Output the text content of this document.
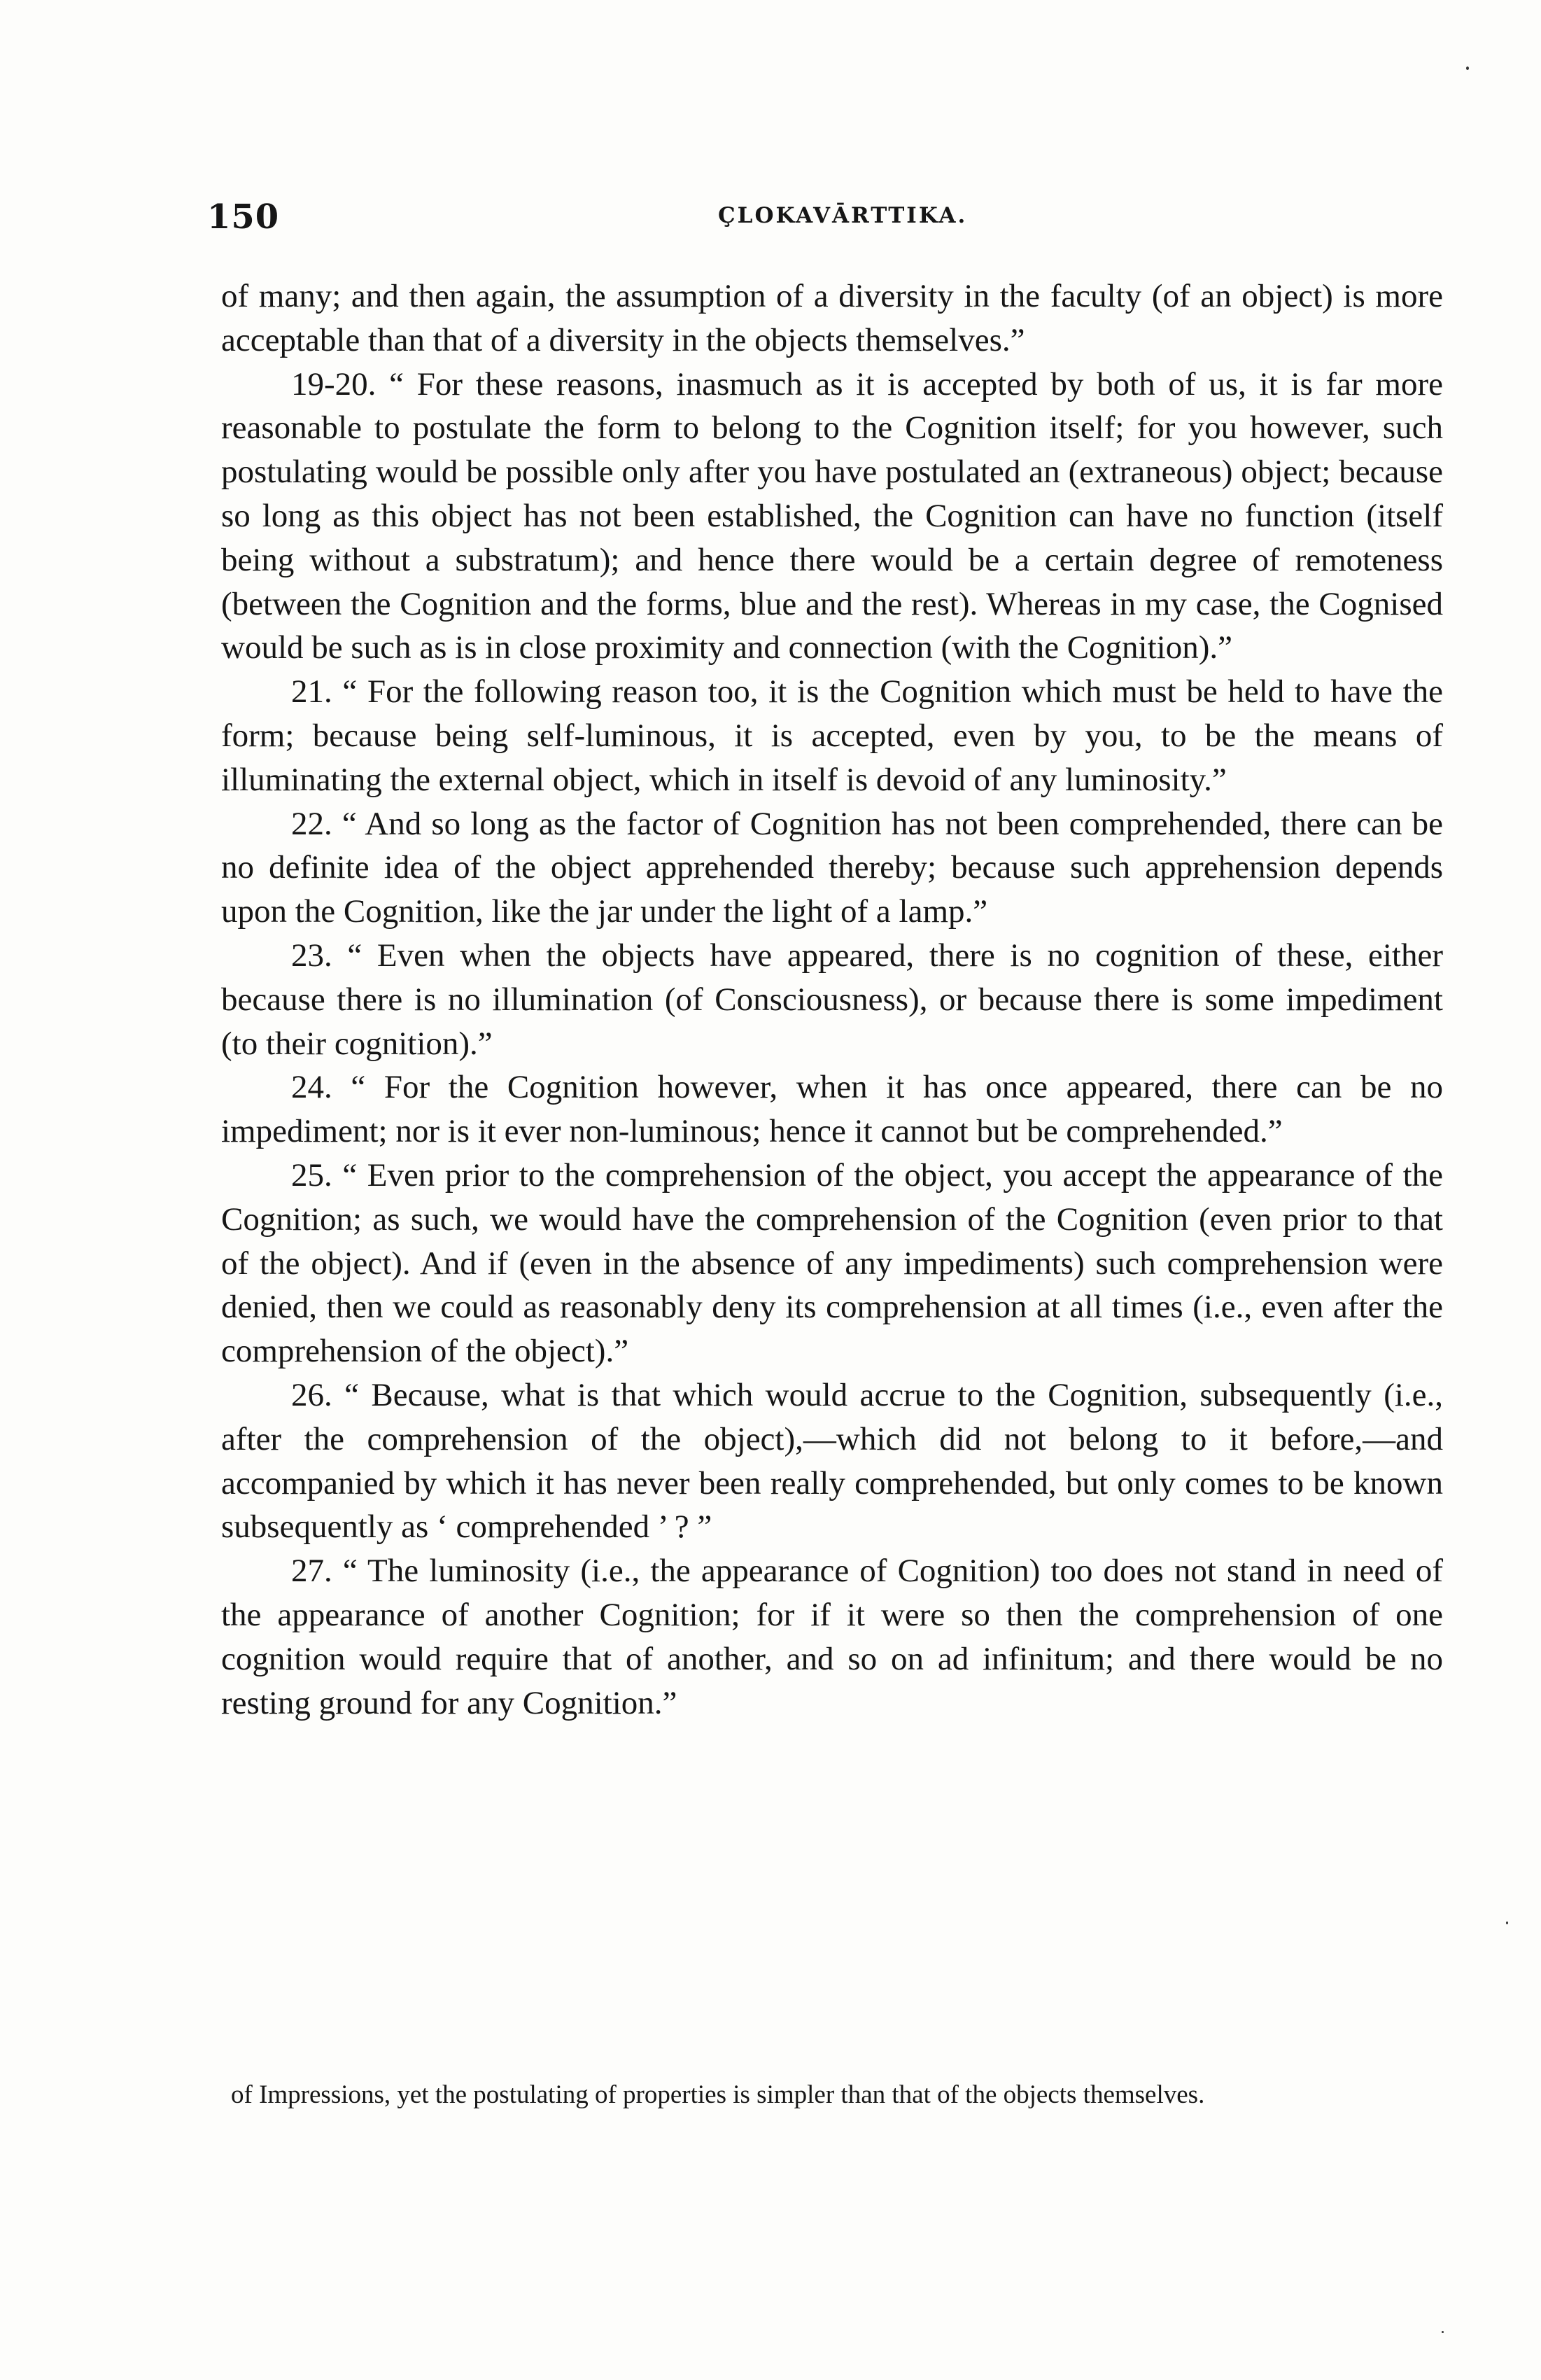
150	ÇLOKAVĀRTTIKA.

of many; and then again, the assumption of a diversity in the faculty (of an object) is more acceptable than that of a diversity in the objects themselves.”

19-20. “ For these reasons, inasmuch as it is accepted by both of us, it is far more reasonable to postulate the form to belong to the Cognition itself; for you however, such postulating would be possible only after you have postulated an (extraneous) object; because so long as this object has not been established, the Cognition can have no function (itself being without a substratum); and hence there would be a certain degree of remoteness (between the Cognition and the forms, blue and the rest). Whereas in my case, the Cognised would be such as is in close proximity and connection (with the Cognition).”

21. “ For the following reason too, it is the Cognition which must be held to have the form; because being self-luminous, it is accepted, even by you, to be the means of illuminating the external object, which in itself is devoid of any luminosity.”

22. “ And so long as the factor of Cognition has not been comprehended, there can be no definite idea of the object apprehended thereby; because such apprehension depends upon the Cognition, like the jar under the light of a lamp.”

23. “ Even when the objects have appeared, there is no cognition of these, either because there is no illumination (of Consciousness), or because there is some impediment (to their cognition).”

24. “ For the Cognition however, when it has once appeared, there can be no impediment; nor is it ever non-luminous; hence it cannot but be comprehended.”

25. “ Even prior to the comprehension of the object, you accept the appearance of the Cognition; as such, we would have the comprehension of the Cognition (even prior to that of the object). And if (even in the absence of any impediments) such comprehension were denied, then we could as reasonably deny its comprehension at all times (i.e., even after the comprehension of the object).”

26. “ Because, what is that which would accrue to the Cognition, subsequently (i.e., after the comprehension of the object),—which did not belong to it before,—and accompanied by which it has never been really comprehended, but only comes to be known subsequently as ‘ comprehended ’ ? ”

27. “ The luminosity (i.e., the appearance of Cognition) too does not stand in need of the appearance of another Cognition; for if it were so then the comprehension of one cognition would require that of another, and so on ad infinitum; and there would be no resting ground for any Cognition.”

of Impressions, yet the postulating of properties is simpler than that of the objects themselves.
